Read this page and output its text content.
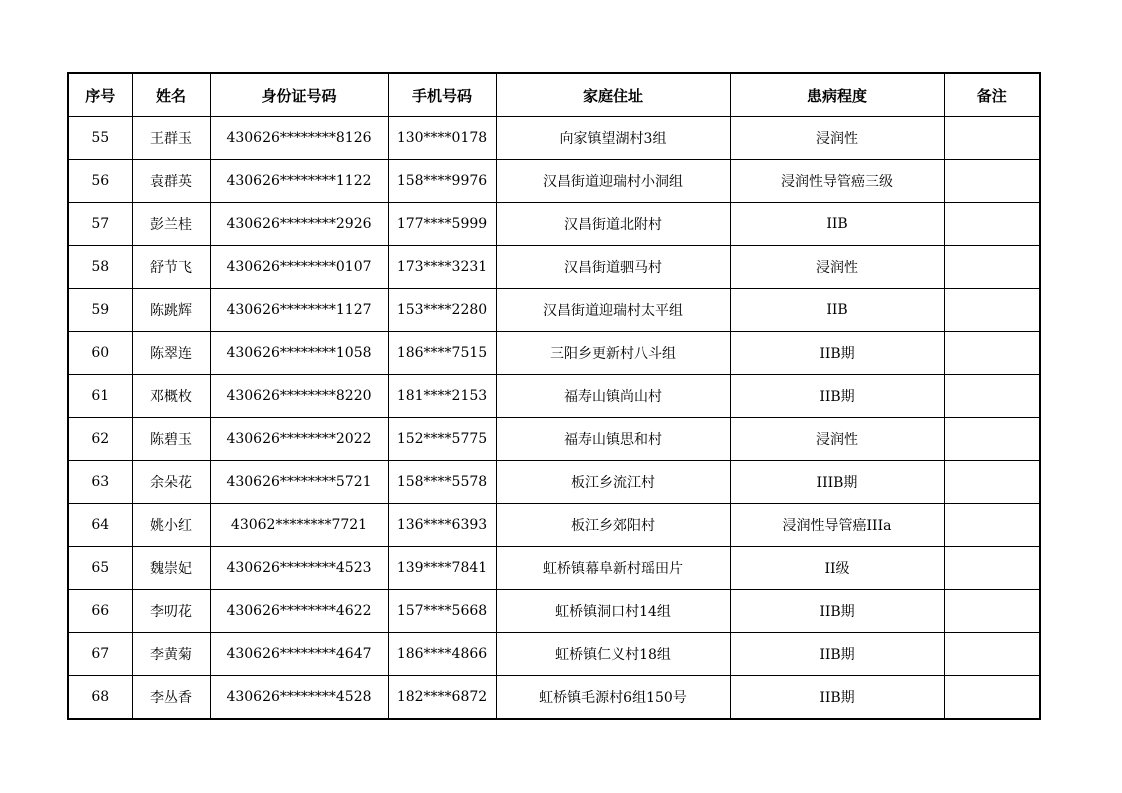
序号	姓名	身份证号码	手机号码	家庭住址	患病程度	备注
55	王群玉	430626********8126	130****0178	向家镇望湖村3组	浸润性	
56	袁群英	430626********1122	158****9976	汉昌街道迎瑞村小洞组	浸润性导管癌三级	
57	彭兰桂	430626********2926	177****5999	汉昌街道北附村	IIB	
58	舒节飞	430626********0107	173****3231	汉昌街道驷马村	浸润性	
59	陈跳辉	430626********1127	153****2280	汉昌街道迎瑞村太平组	IIB	
60	陈翠连	430626********1058	186****7515	三阳乡更新村八斗组	IIB期	
61	邓概枚	430626********8220	181****2153	福寿山镇尚山村	IIB期	
62	陈碧玉	430626********2022	152****5775	福寿山镇思和村	浸润性	
63	余朵花	430626********5721	158****5578	板江乡流江村	IIIB期	
64	姚小红	43062********7721	136****6393	板江乡郊阳村	浸润性导管癌IIIa	
65	魏崇妃	430626********4523	139****7841	虹桥镇幕阜新村瑶田片	II级	
66	李叨花	430626********4622	157****5668	虹桥镇洞口村14组	IIB期	
67	李黄菊	430626********4647	186****4866	虹桥镇仁义村18组	IIB期	
68	李丛香	430626********4528	182****6872	虹桥镇毛源村6组150号	IIB期	
